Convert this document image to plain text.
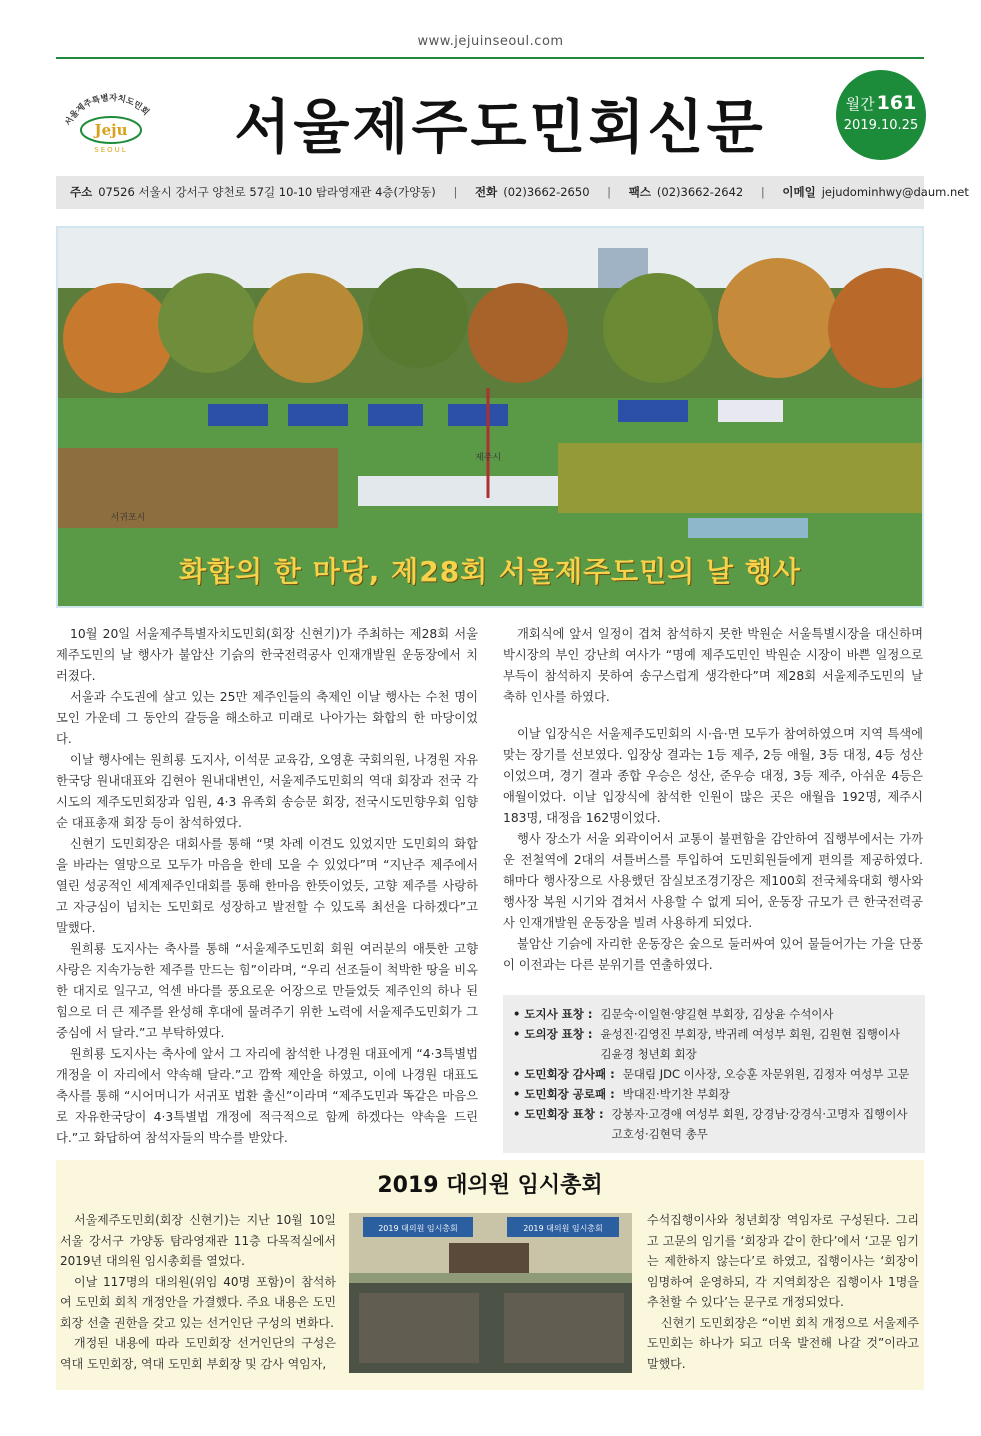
www.jejuinseoul.com
서울제주특별자치도민회
Jeju
SEOUL	서울제주도민회신문	월간 161
2019.10.25
주소 07526 서울시 강서구 양천로 57길 10-10 탐라영재관 4층(가양동) | 전화 (02)3662-2650 | 팩스 (02)3662-2642 | 이메일 jejudominhwy@daum.net
제주시
서귀포시
화합의 한 마당, 제28회 서울제주도민의 날 행사

10월 20일 서울제주특별자치도민회(회장 신현기)가 주최하는 제28회 서울제주도민의 날 행사가 불암산 기슭의 한국전력공사 인재개발원 운동장에서 치러졌다.

서울과 수도권에 살고 있는 25만 제주인들의 축제인 이날 행사는 수천 명이 모인 가운데 그 동안의 갈등을 해소하고 미래로 나아가는 화합의 한 마당이었다.

이날 행사에는 원희룡 도지사, 이석문 교육감, 오영훈 국회의원, 나경원 자유한국당 원내대표와 김현아 원내대변인, 서울제주도민회의 역대 회장과 전국 각 시도의 제주도민회장과 임원, 4·3 유족회 송승문 회장, 전국시도민향우회 임향순 대표총재 회장 등이 참석하였다.

신현기 도민회장은 대회사를 통해 “몇 차례 이견도 있었지만 도민회의 화합을 바라는 열망으로 모두가 마음을 한데 모을 수 있었다”며 “지난주 제주에서 열린 성공적인 세계제주인대회를 통해 한마음 한뜻이었듯, 고향 제주를 사랑하고 자긍심이 넘치는 도민회로 성장하고 발전할 수 있도록 최선을 다하겠다”고 말했다.

원희룡 도지사는 축사를 통해 “서울제주도민회 회원 여러분의 애틋한 고향 사랑은 지속가능한 제주를 만드는 힘”이라며, “우리 선조들이 척박한 땅을 비옥한 대지로 일구고, 억센 바다를 풍요로운 어장으로 만들었듯 제주인의 하나 된 힘으로 더 큰 제주를 완성해 후대에 물려주기 위한 노력에 서울제주도민회가 그 중심에 서 달라.”고 부탁하였다.

원희룡 도지사는 축사에 앞서 그 자리에 참석한 나경원 대표에게 “4·3특별법 개정을 이 자리에서 약속해 달라.”고 깜짝 제안을 하였고, 이에 나경원 대표도 축사를 통해 “시어머니가 서귀포 법환 출신”이라며 “제주도민과 똑같은 마음으로 자유한국당이 4·3특별법 개정에 적극적으로 함께 하겠다는 약속을 드린다.”고 화답하여 참석자들의 박수를 받았다.

개회식에 앞서 일정이 겹쳐 참석하지 못한 박원순 서울특별시장을 대신하며 박시장의 부인 강난희 여사가 “명예 제주도민인 박원순 시장이 바쁜 일정으로 부득이 참석하지 못하여 송구스럽게 생각한다”며 제28회 서울제주도민의 날 축하 인사를 하였다.

이날 입장식은 서울제주도민회의 시·읍·면 모두가 참여하였으며 지역 특색에 맞는 장기를 선보였다. 입장상 결과는 1등 제주, 2등 애월, 3등 대정, 4등 성산이었으며, 경기 결과 종합 우승은 성산, 준우승 대정, 3등 제주, 아쉬운 4등은 애월이었다. 이날 입장식에 참석한 인원이 많은 곳은 애월읍 192명, 제주시 183명, 대정읍 162명이었다.

행사 장소가 서울 외곽이어서 교통이 불편함을 감안하여 집행부에서는 가까운 전철역에 2대의 셔틀버스를 투입하여 도민회원들에게 편의를 제공하였다. 해마다 행사장으로 사용했던 잠실보조경기장은 제100회 전국체육대회 행사와 행사장 복원 시기와 겹쳐서 사용할 수 없게 되어, 운동장 규모가 큰 한국전력공사 인재개발원 운동장을 빌려 사용하게 되었다.

불암산 기슭에 자리한 운동장은 숲으로 둘러싸여 있어 물들어가는 가을 단풍이 이전과는 다른 분위기를 연출하였다.

• 도지사 표창 : 김문숙·이일현·양길현 부회장, 김상윤 수석이사
• 도의장 표창 : 윤성진·김영진 부회장, 박귀레 여성부 회원, 김원현 집행이사
김윤경 청년회 회장
• 도민회장 감사패 : 문대림 JDC 이사장, 오승훈 자문위원, 김정자 여성부 고문
• 도민회장 공로패 : 박대진·박기찬 부회장
• 도민회장 표창 : 강봉자·고경애 여성부 회원, 강경남·강경식·고명자 집행이사
고호성·김현덕 총무
2019 대의원 임시총회

서울제주도민회(회장 신현기)는 지난 10월 10일 서울 강서구 가양동 탐라영재관 11층 다목적실에서 2019년 대의원 임시총회를 열었다.

이날 117명의 대의원(위임 40명 포함)이 참석하여 도민회 회칙 개정안을 가결했다. 주요 내용은 도민회장 선출 권한을 갖고 있는 선거인단 구성의 변화다.

개정된 내용에 따라 도민회장 선거인단의 구성은 역대 도민회장, 역대 도민회 부회장 및 감사 역임자,

2019 대의원 임시총회	2019 대의원 임시총회

수석집행이사와 청년회장 역임자로 구성된다. 그리고 고문의 임기를 ‘회장과 같이 한다’에서 ‘고문 임기는 제한하지 않는다’로 하였고, 집행이사는 ‘회장이 임명하여 운영하되, 각 지역회장은 집행이사 1명을 추천할 수 있다’는 문구로 개정되었다.

신현기 도민회장은 “이번 회칙 개정으로 서울제주도민회는 하나가 되고 더욱 발전해 나갈 것”이라고 말했다.
